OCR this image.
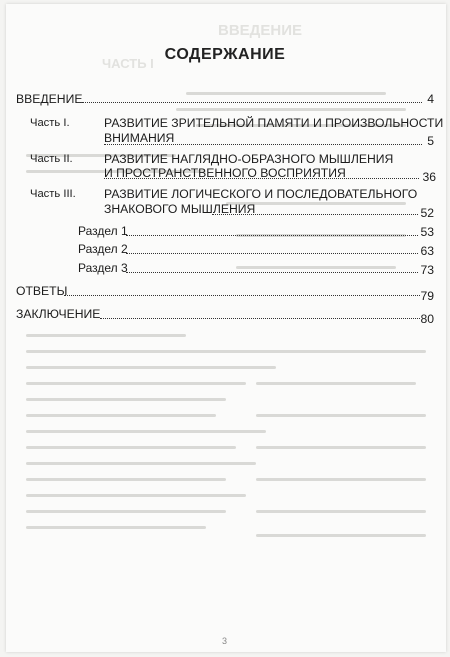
ВВЕДЕНИЕ
ЧАСТЬ I
СОДЕРЖАНИЕ
ВВЕДЕНИЕ	4
Часть I.	РАЗВИТИЕ ЗРИТЕЛЬНОЙ ПАМЯТИ И ПРОИЗВОЛЬНОСТИ
ВНИМАНИЯ	5
Часть II.	РАЗВИТИЕ НАГЛЯДНО-ОБРАЗНОГО МЫШЛЕНИЯ
И ПРОСТРАНСТВЕННОГО ВОСПРИЯТИЯ	36
Часть III. РАЗВИТИЕ ЛОГИЧЕСКОГО И ПОСЛЕДОВАТЕЛЬНОГО
ЗНАКОВОГО МЫШЛЕНИЯ	52
Раздел 1	53
Раздел 2	63
Раздел 3	73
ОТВЕТЫ	79
ЗАКЛЮЧЕНИЕ	80
3
